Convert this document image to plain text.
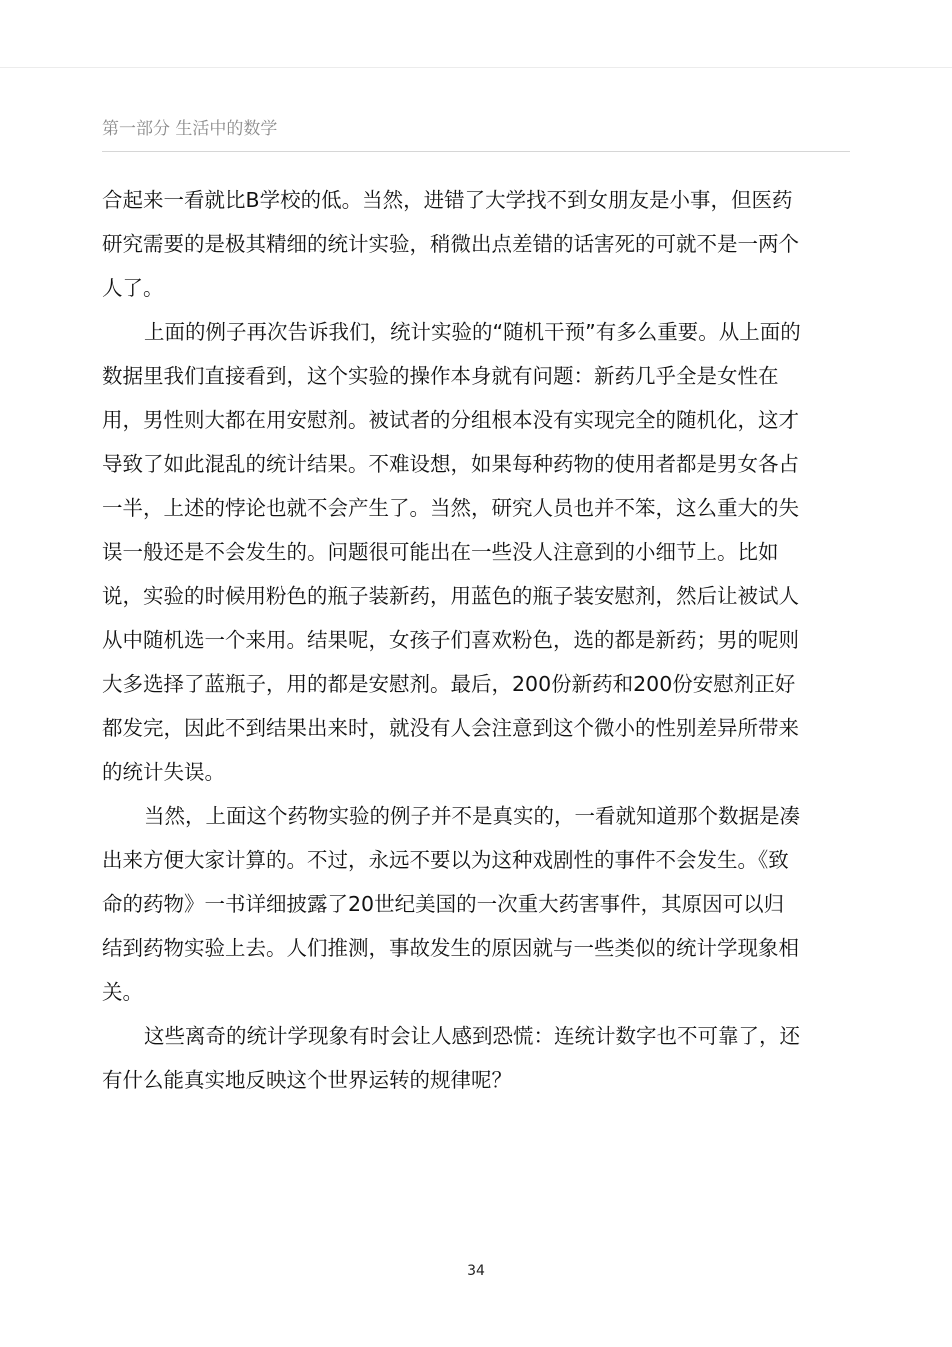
第一部分 生活中的数学
合起来一看就比B学校的低。当然，进错了大学找不到女朋友是小事，但医药
研究需要的是极其精细的统计实验，稍微出点差错的话害死的可就不是一两个
人了。
上面的例子再次告诉我们，统计实验的“随机干预”有多么重要。从上面的
数据里我们直接看到，这个实验的操作本身就有问题：新药几乎全是女性在
用，男性则大都在用安慰剂。被试者的分组根本没有实现完全的随机化，这才
导致了如此混乱的统计结果。不难设想，如果每种药物的使用者都是男女各占
一半，上述的悖论也就不会产生了。当然，研究人员也并不笨，这么重大的失
误一般还是不会发生的。问题很可能出在一些没人注意到的小细节上。比如
说，实验的时候用粉色的瓶子装新药，用蓝色的瓶子装安慰剂，然后让被试人
从中随机选一个来用。结果呢，女孩子们喜欢粉色，选的都是新药；男的呢则
大多选择了蓝瓶子，用的都是安慰剂。最后，200份新药和200份安慰剂正好
都发完，因此不到结果出来时，就没有人会注意到这个微小的性别差异所带来
的统计失误。
当然，上面这个药物实验的例子并不是真实的，一看就知道那个数据是凑
出来方便大家计算的。不过，永远不要以为这种戏剧性的事件不会发生。《致
命的药物》一书详细披露了20世纪美国的一次重大药害事件，其原因可以归
结到药物实验上去。人们推测，事故发生的原因就与一些类似的统计学现象相
关。
这些离奇的统计学现象有时会让人感到恐慌：连统计数字也不可靠了，还
有什么能真实地反映这个世界运转的规律呢？
34
